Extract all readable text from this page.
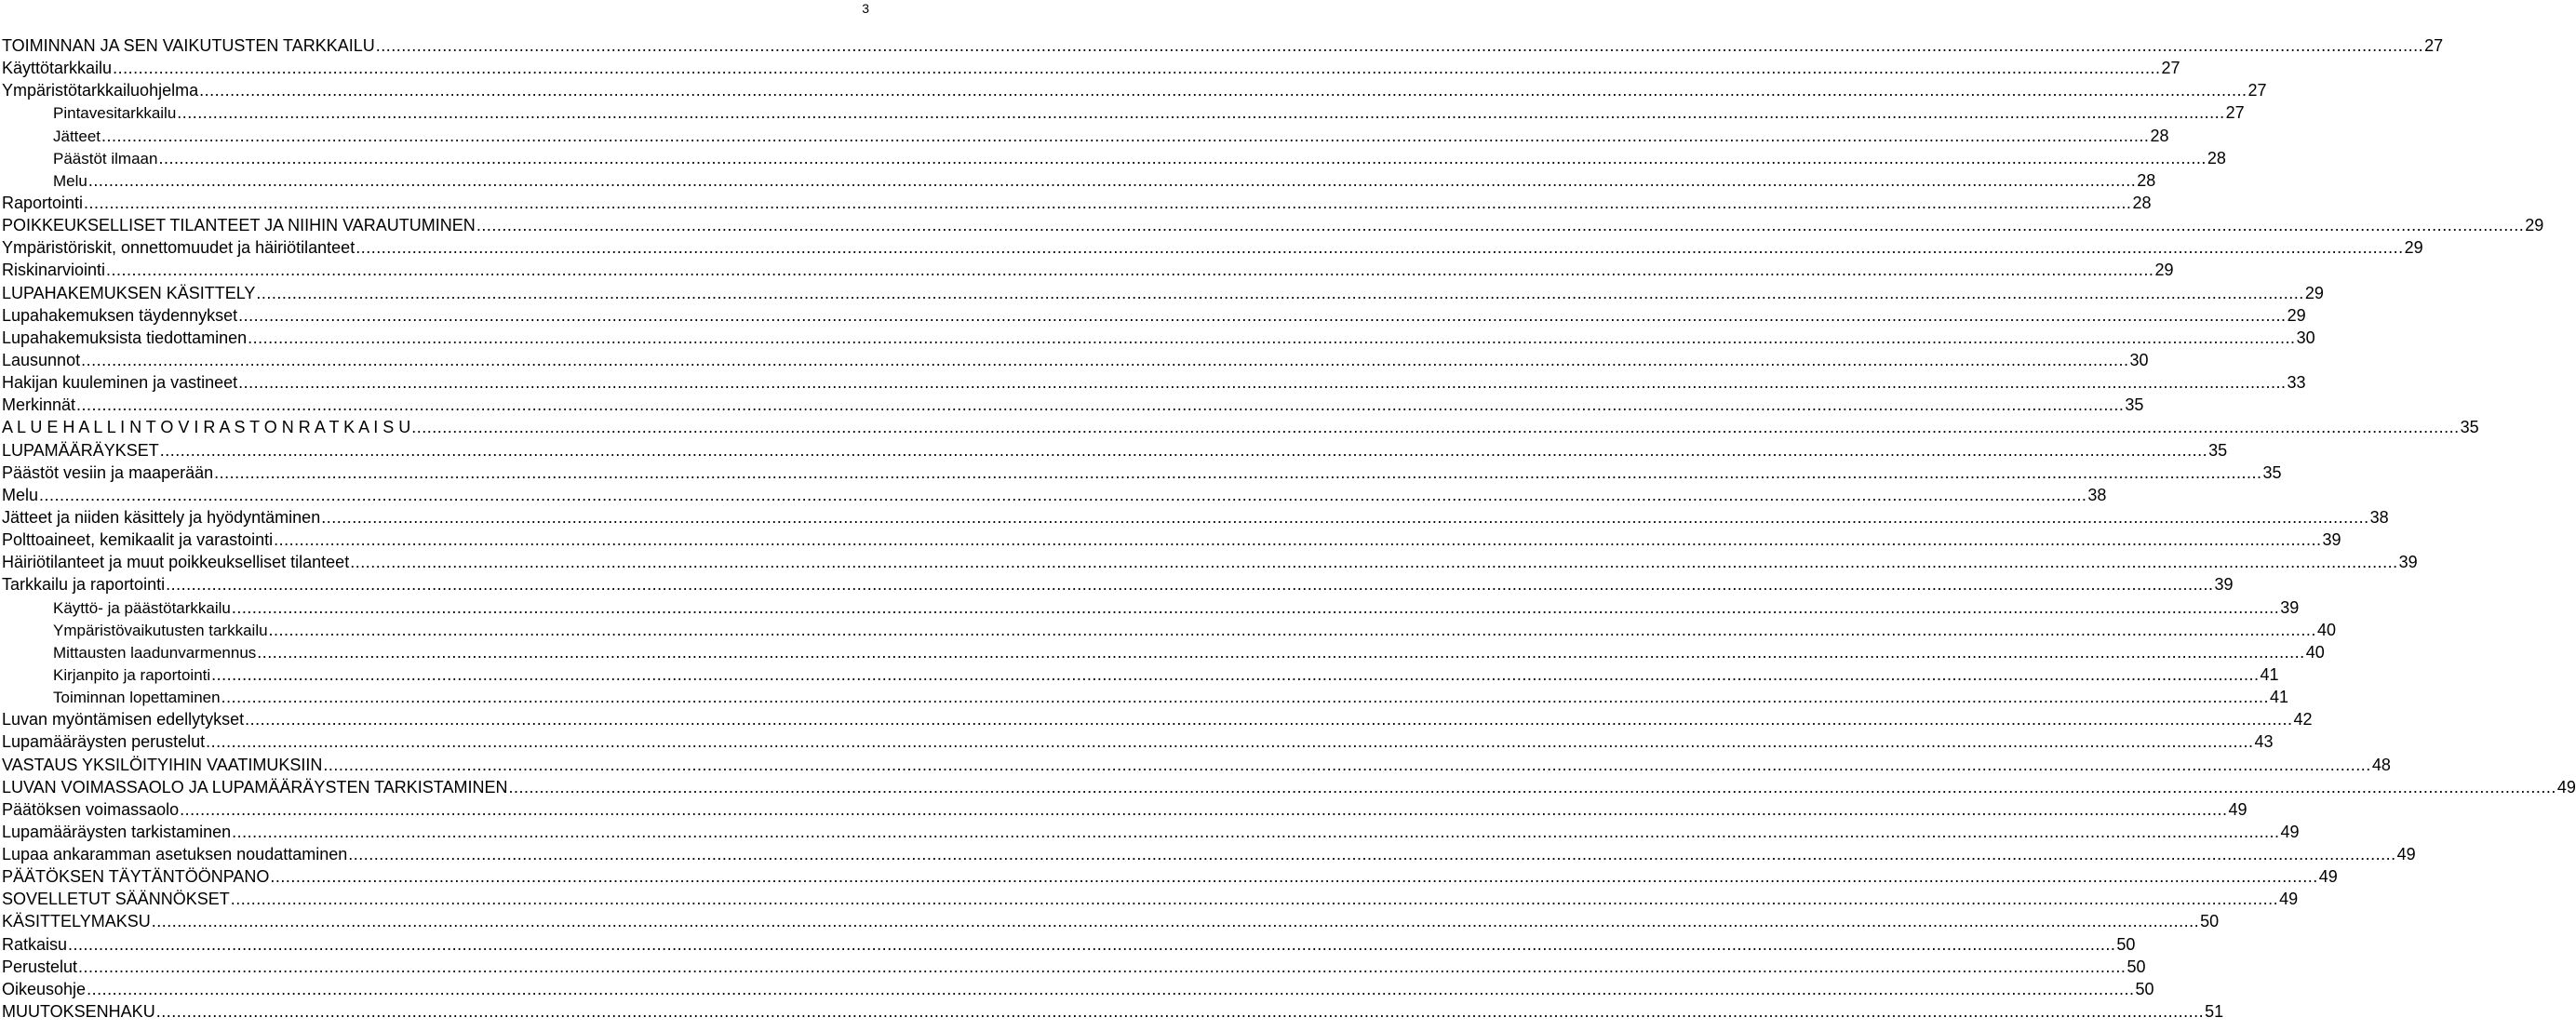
3
TOIMINNAN JA SEN VAIKUTUSTEN TARKKAILU ................................................................................................................................................................................................................................................................................................................................................................................................................ 27
Käyttötarkkailu ................................................................................................................................................................................................................................................................................................................................................................................................................ 27
Ympäristötarkkailuohjelma ................................................................................................................................................................................................................................................................................................................................................................................................................ 27
Pintavesitarkkailu ................................................................................................................................................................................................................................................................................................................................................................................................................ 27
Jätteet ................................................................................................................................................................................................................................................................................................................................................................................................................ 28
Päästöt ilmaan ................................................................................................................................................................................................................................................................................................................................................................................................................ 28
Melu ................................................................................................................................................................................................................................................................................................................................................................................................................ 28
Raportointi ................................................................................................................................................................................................................................................................................................................................................................................................................ 28
POIKKEUKSELLISET TILANTEET JA NIIHIN VARAUTUMINEN ................................................................................................................................................................................................................................................................................................................................................................................................................ 29
Ympäristöriskit, onnettomuudet ja häiriötilanteet ................................................................................................................................................................................................................................................................................................................................................................................................................ 29
Riskinarviointi ................................................................................................................................................................................................................................................................................................................................................................................................................ 29
LUPAHAKEMUKSEN KÄSITTELY ................................................................................................................................................................................................................................................................................................................................................................................................................ 29
Lupahakemuksen täydennykset ................................................................................................................................................................................................................................................................................................................................................................................................................ 29
Lupahakemuksista tiedottaminen ................................................................................................................................................................................................................................................................................................................................................................................................................ 30
Lausunnot ................................................................................................................................................................................................................................................................................................................................................................................................................ 30
Hakijan kuuleminen ja vastineet ................................................................................................................................................................................................................................................................................................................................................................................................................ 33
Merkinnät ................................................................................................................................................................................................................................................................................................................................................................................................................ 35
A L U E H A L L I N T O V I R A S T O N R A T K A I S U ................................................................................................................................................................................................................................................................................................................................................................................................................ 35
LUPAMÄÄRÄYKSET ................................................................................................................................................................................................................................................................................................................................................................................................................ 35
Päästöt vesiin ja maaperään ................................................................................................................................................................................................................................................................................................................................................................................................................ 35
Melu ................................................................................................................................................................................................................................................................................................................................................................................................................ 38
Jätteet ja niiden käsittely ja hyödyntäminen ................................................................................................................................................................................................................................................................................................................................................................................................................ 38
Polttoaineet, kemikaalit ja varastointi ................................................................................................................................................................................................................................................................................................................................................................................................................ 39
Häiriötilanteet ja muut poikkeukselliset tilanteet ................................................................................................................................................................................................................................................................................................................................................................................................................ 39
Tarkkailu ja raportointi ................................................................................................................................................................................................................................................................................................................................................................................................................ 39
Käyttö- ja päästötarkkailu ................................................................................................................................................................................................................................................................................................................................................................................................................ 39
Ympäristövaikutusten tarkkailu ................................................................................................................................................................................................................................................................................................................................................................................................................ 40
Mittausten laadunvarmennus ................................................................................................................................................................................................................................................................................................................................................................................................................ 40
Kirjanpito ja raportointi ................................................................................................................................................................................................................................................................................................................................................................................................................ 41
Toiminnan lopettaminen ................................................................................................................................................................................................................................................................................................................................................................................................................ 41
Luvan myöntämisen edellytykset ................................................................................................................................................................................................................................................................................................................................................................................................................ 42
Lupamääräysten perustelut ................................................................................................................................................................................................................................................................................................................................................................................................................ 43
VASTAUS YKSILÖITYIHIN VAATIMUKSIIN ................................................................................................................................................................................................................................................................................................................................................................................................................ 48
LUVAN VOIMASSAOLO JA LUPAMÄÄRÄYSTEN TARKISTAMINEN ................................................................................................................................................................................................................................................................................................................................................................................................................ 49
Päätöksen voimassaolo ................................................................................................................................................................................................................................................................................................................................................................................................................ 49
Lupamääräysten tarkistaminen ................................................................................................................................................................................................................................................................................................................................................................................................................ 49
Lupaa ankaramman asetuksen noudattaminen ................................................................................................................................................................................................................................................................................................................................................................................................................ 49
PÄÄTÖKSEN TÄYTÄNTÖÖNPANO ................................................................................................................................................................................................................................................................................................................................................................................................................ 49
SOVELLETUT SÄÄNNÖKSET ................................................................................................................................................................................................................................................................................................................................................................................................................ 49
KÄSITTELYMAKSU ................................................................................................................................................................................................................................................................................................................................................................................................................ 50
Ratkaisu ................................................................................................................................................................................................................................................................................................................................................................................................................ 50
Perustelut ................................................................................................................................................................................................................................................................................................................................................................................................................ 50
Oikeusohje ................................................................................................................................................................................................................................................................................................................................................................................................................ 50
MUUTOKSENHAKU ................................................................................................................................................................................................................................................................................................................................................................................................................ 51
